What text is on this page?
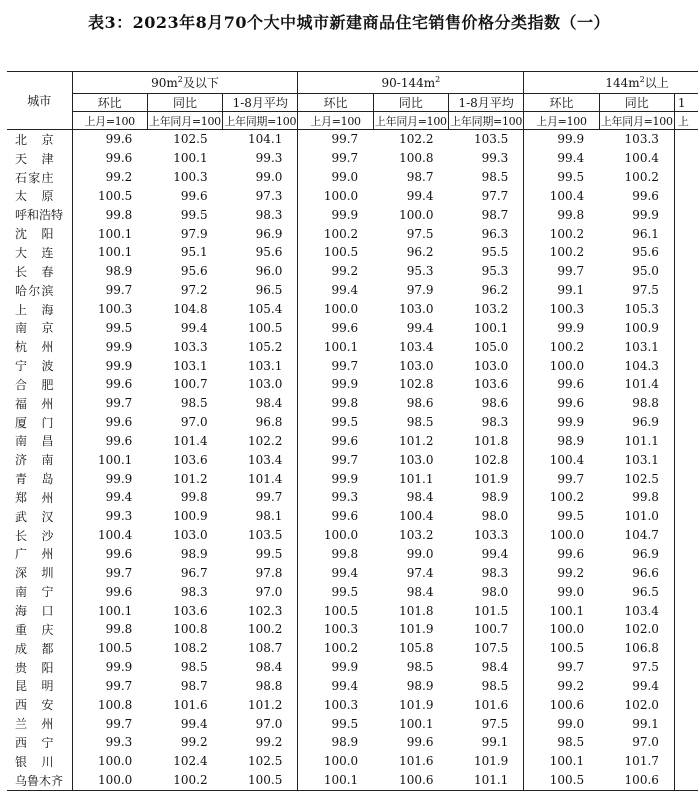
表3：2023年8月70个大中城市新建商品住宅销售价格分类指数（一）
城市	$90m^2$及以下			$90-144m^2$			$144m^2$以上		
	环比	同比	1-8月平均	环比	同比	1-8月平均	环比	同比	1
	上月=100	上年同月=100	上年同期=100	上月=100	上年同月=100	上年同期=100	上月=100	上年同月=100	上
北京	99.6	102.5	104.1	99.7	102.2	103.5	99.9	103.3	
天津	99.6	100.1	99.3	99.7	100.8	99.3	99.4	100.4	
石家庄	99.2	100.3	99.0	99.0	98.7	98.5	99.5	100.2	
太原	100.5	99.6	97.3	100.0	99.4	97.7	100.4	99.6	
呼和浩特	99.8	99.5	98.3	99.9	100.0	98.7	99.8	99.9	
沈阳	100.1	97.9	96.9	100.2	97.5	96.3	100.2	96.1	
大连	100.1	95.1	95.6	100.5	96.2	95.5	100.2	95.6	
长春	98.9	95.6	96.0	99.2	95.3	95.3	99.7	95.0	
哈尔滨	99.7	97.2	96.5	99.4	97.9	96.2	99.1	97.5	
上海	100.3	104.8	105.4	100.0	103.0	103.2	100.3	105.3	
南京	99.5	99.4	100.5	99.6	99.4	100.1	99.9	100.9	
杭州	99.9	103.3	105.2	100.1	103.4	105.0	100.2	103.1	
宁波	99.9	103.1	103.1	99.7	103.0	103.0	100.0	104.3	
合肥	99.6	100.7	103.0	99.9	102.8	103.6	99.6	101.4	
福州	99.7	98.5	98.4	99.8	98.6	98.6	99.6	98.8	
厦门	99.6	97.0	96.8	99.5	98.5	98.3	99.9	96.9	
南昌	99.6	101.4	102.2	99.6	101.2	101.8	98.9	101.1	
济南	100.1	103.6	103.4	99.7	103.0	102.8	100.4	103.1	
青岛	99.9	101.2	101.4	99.9	101.1	101.9	99.7	102.5	
郑州	99.4	99.8	99.7	99.3	98.4	98.9	100.2	99.8	
武汉	99.3	100.9	98.1	99.6	100.4	98.0	99.5	101.0	
长沙	100.4	103.0	103.5	100.0	103.2	103.3	100.0	104.7	
广州	99.6	98.9	99.5	99.8	99.0	99.4	99.6	96.9	
深圳	99.7	96.7	97.8	99.4	97.4	98.3	99.2	96.6	
南宁	99.6	98.3	97.0	99.5	98.4	98.0	99.0	96.5	
海口	100.1	103.6	102.3	100.5	101.8	101.5	100.1	103.4	
重庆	99.8	100.8	100.2	100.3	101.9	100.7	100.0	102.0	
成都	100.5	108.2	108.7	100.2	105.8	107.5	100.5	106.8	
贵阳	99.9	98.5	98.4	99.9	98.5	98.4	99.7	97.5	
昆明	99.7	98.7	98.8	99.4	98.9	98.5	99.2	99.4	
西安	100.8	101.6	101.2	100.3	101.9	101.6	100.6	102.0	
兰州	99.7	99.4	97.0	99.5	100.1	97.5	99.0	99.1	
西宁	99.3	99.2	99.2	98.9	99.6	99.1	98.5	97.0	
银川	100.0	102.4	102.5	100.0	101.6	101.9	100.1	101.7	
乌鲁木齐	100.0	100.2	100.5	100.1	100.6	101.1	100.5	100.6	
